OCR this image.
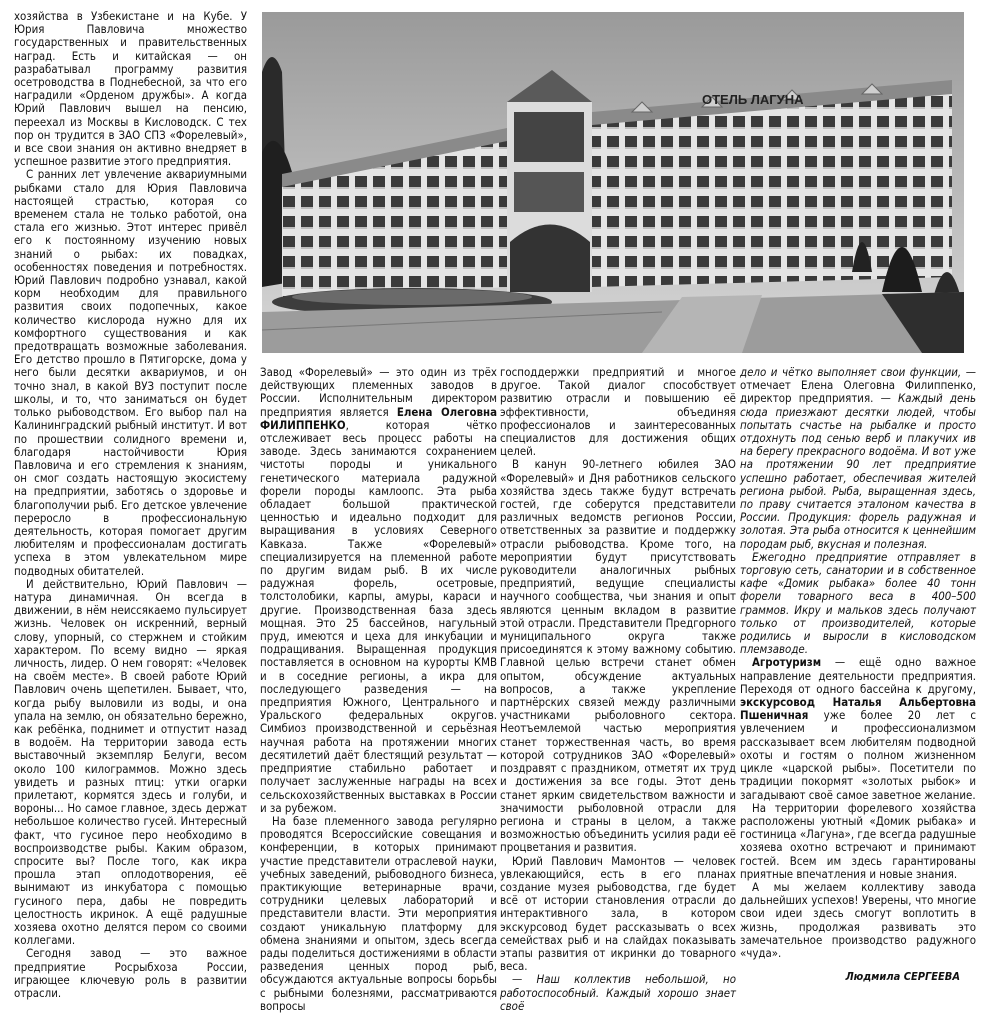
хозяйства в Узбекистане и на Кубе. У Юрия Павловича множество государственных и правительственных наград. Есть и китайская — он разрабатывал программу развития осетроводства в Поднебесной, за что его наградили «Орденом дружбы». А когда Юрий Павлович вышел на пенсию, переехал из Москвы в Кисловодск. С тех пор он трудится в ЗАО СПЗ «Форелевый», и все свои знания он активно внедряет в успешное развитие этого предприятия.

С ранних лет увлечение аквариумными рыбками стало для Юрия Павловича настоящей страстью, которая со временем стала не только работой, она стала его жизнью. Этот интерес привёл его к постоянному изучению новых знаний о рыбах: их повадках, особенностях поведения и потребностях. Юрий Павлович подробно узнавал, какой корм необходим для правильного развития своих подопечных, какое количество кислорода нужно для их комфортного существования и как предотвращать возможные заболевания. Его детство прошло в Пятигорске, дома у него были десятки аквариумов, и он точно знал, в какой ВУЗ поступит после школы, и то, что заниматься он будет только рыбоводством. Его выбор пал на Калининградский рыбный институт. И вот по прошествии солидного времени и, благодаря настойчивости Юрия Павловича и его стремления к знаниям, он смог создать настоящую экосистему на предприятии, заботясь о здоровье и благополучии рыб. Его детское увлечение переросло в профессиональную деятельность, которая помогает другим любителям и профессионалам достигать успеха в этом увлекательном мире подводных обитателей.

И действительно, Юрий Павлович — натура динамичная. Он всегда в движении, в нём неиссякаемо пульсирует жизнь. Человек он искренний, верный слову, упорный, со стержнем и стойким характером. По всему видно — яркая личность, лидер. О нем говорят: «Человек на своём месте». В своей работе Юрий Павлович очень щепетилен. Бывает, что, когда рыбу выловили из воды, и она упала на землю, он обязательно бережно, как ребёнка, поднимет и отпустит назад в водоём. На территории завода есть выставочный экземпляр Белуги, весом около 100 килограммов. Можно здесь увидеть и разных птиц: утки огарки прилетают, кормятся здесь и голуби, и вороны... Но самое главное, здесь держат небольшое количество гусей. Интересный факт, что гусиное перо необходимо в воспроизводстве рыбы. Каким образом, спросите вы? После того, как икра прошла этап оплодотворения, её вынимают из инкубатора с помощью гусиного пера, дабы не повредить целостность икринок. А ещё радушные хозяева охотно делятся пером со своими коллегами.

Сегодня завод — это важное предприятие Росрыбхоза России, играющее ключевую роль в развитии отрасли.

ОТЕЛЬ ЛАГУНА

Завод «Форелевый» — это один из трёх действующих племенных заводов в России. Исполнительным директором предприятия является Елена Олеговна ФИЛИППЕНКО, которая чётко отслеживает весь процесс работы на заводе. Здесь занимаются сохранением чистоты породы и уникального генетического материала радужной форели породы камлоопс. Эта рыба обладает большой практической ценностью и идеально подходит для выращивания в условиях Северного Кавказа. Также «Форелевый» специализируется на племенной работе по другим видам рыб. В их числе радужная форель, осетровые, толстолобики, карпы, амуры, караси и другие. Производственная база здесь мощная. Это 25 бассейнов, нагульный пруд, имеются и цеха для инкубации и подращивания. Выращенная продукция поставляется в основном на курорты КМВ и в соседние регионы, а икра для последующего разведения — на предприятия Южного, Центрального и Уральского федеральных округов. Симбиоз производственной и серьёзная научная работа на протяжении многих десятилетий даёт блестящий результат — предприятие стабильно работает и получает заслуженные награды на всех сельскохозяйственных выставках в России и за рубежом.

На базе племенного завода регулярно проводятся Всероссийские совещания и конференции, в которых принимают участие представители отраслевой науки, учебных заведений, рыбоводного бизнеса, практикующие ветеринарные врачи, сотрудники целевых лабораторий и представители власти. Эти мероприятия создают уникальную платформу для обмена знаниями и опытом, здесь всегда рады поделиться достижениями в области разведения ценных пород рыб, обсуждаются актуальные вопросы борьбы с рыбными болезнями, рассматриваются вопросы

господдержки предприятий и многое другое. Такой диалог способствует развитию отрасли и повышению её эффективности, объединяя профессионалов и заинтересованных специалистов для достижения общих целей.

В канун 90-летнего юбилея ЗАО «Форелевый» и Дня работников сельского хозяйства здесь также будут встречать гостей, где соберутся представители различных ведомств регионов России, ответственных за развитие и поддержку отрасли рыбоводства. Кроме того, на мероприятии будут присутствовать руководители аналогичных рыбных предприятий, ведущие специалисты научного сообщества, чьи знания и опыт являются ценным вкладом в развитие этой отрасли. Представители Предгорного муниципального округа также присоединятся к этому важному событию. Главной целью встречи станет обмен опытом, обсуждение актуальных вопросов, а также укрепление партнёрских связей между различными участниками рыболовного сектора. Неотъемлемой частью мероприятия станет торжественная часть, во время которой сотрудников ЗАО «Форелевый» поздравят с праздником, отметят их труд и достижения за все годы. Этот день станет ярким свидетельством важности и значимости рыболовной отрасли для региона и страны в целом, а также возможностью объединить усилия ради её процветания и развития.

Юрий Павлович Мамонтов — человек увлекающийся, есть в его планах создание музея рыбоводства, где будет всё от истории становления отрасли до интерактивного зала, в котором экскурсовод будет рассказывать о всех семействах рыб и на слайдах показывать этапы развития от икринки до товарного веса.

— Наш коллектив небольшой, но работоспособный. Каждый хорошо знает своё

дело и чётко выполняет свои функции, — отмечает Елена Олеговна Филиппенко, директор предприятия. — Каждый день сюда приезжают десятки людей, чтобы попытать счастье на рыбалке и просто отдохнуть под сенью верб и плакучих ив на берегу прекрасного водоёма. И вот уже на протяжении 90 лет предприятие успешно работает, обеспечивая жителей региона рыбой. Рыба, выращенная здесь, по праву считается эталоном качества в России. Продукция: форель радужная и золотая. Эта рыба относится к ценнейшим породам рыб, вкусная и полезная.

Ежегодно предприятие отправляет в торговую сеть, санатории и в собственное кафе «Домик рыбака» более 40 тонн форели товарного веса в 400–500 граммов. Икру и мальков здесь получают только от производителей, которые родились и выросли в кисловодском племзаводе.

Агротуризм — ещё одно важное направление деятельности предприятия. Переходя от одного бассейна к другому, экскурсовод Наталья Альбертовна Пшеничная уже более 20 лет с увлечением и профессионализмом рассказывает всем любителям подводной охоты и гостям о полном жизненном цикле «царской рыбы». Посетители по традиции покормят «золотых рыбок» и загадывают своё самое заветное желание.

На территории форелевого хозяйства расположены уютный «Домик рыбака» и гостиница «Лагуна», где всегда радушные хозяева охотно встречают и принимают гостей. Всем им здесь гарантированы приятные впечатления и новые знания.

А мы желаем коллективу завода дальнейших успехов! Уверены, что многие свои идеи здесь смогут воплотить в жизнь, продолжая развивать это замечательное производство радужного «чуда».

Людмила СЕРГЕЕВА
